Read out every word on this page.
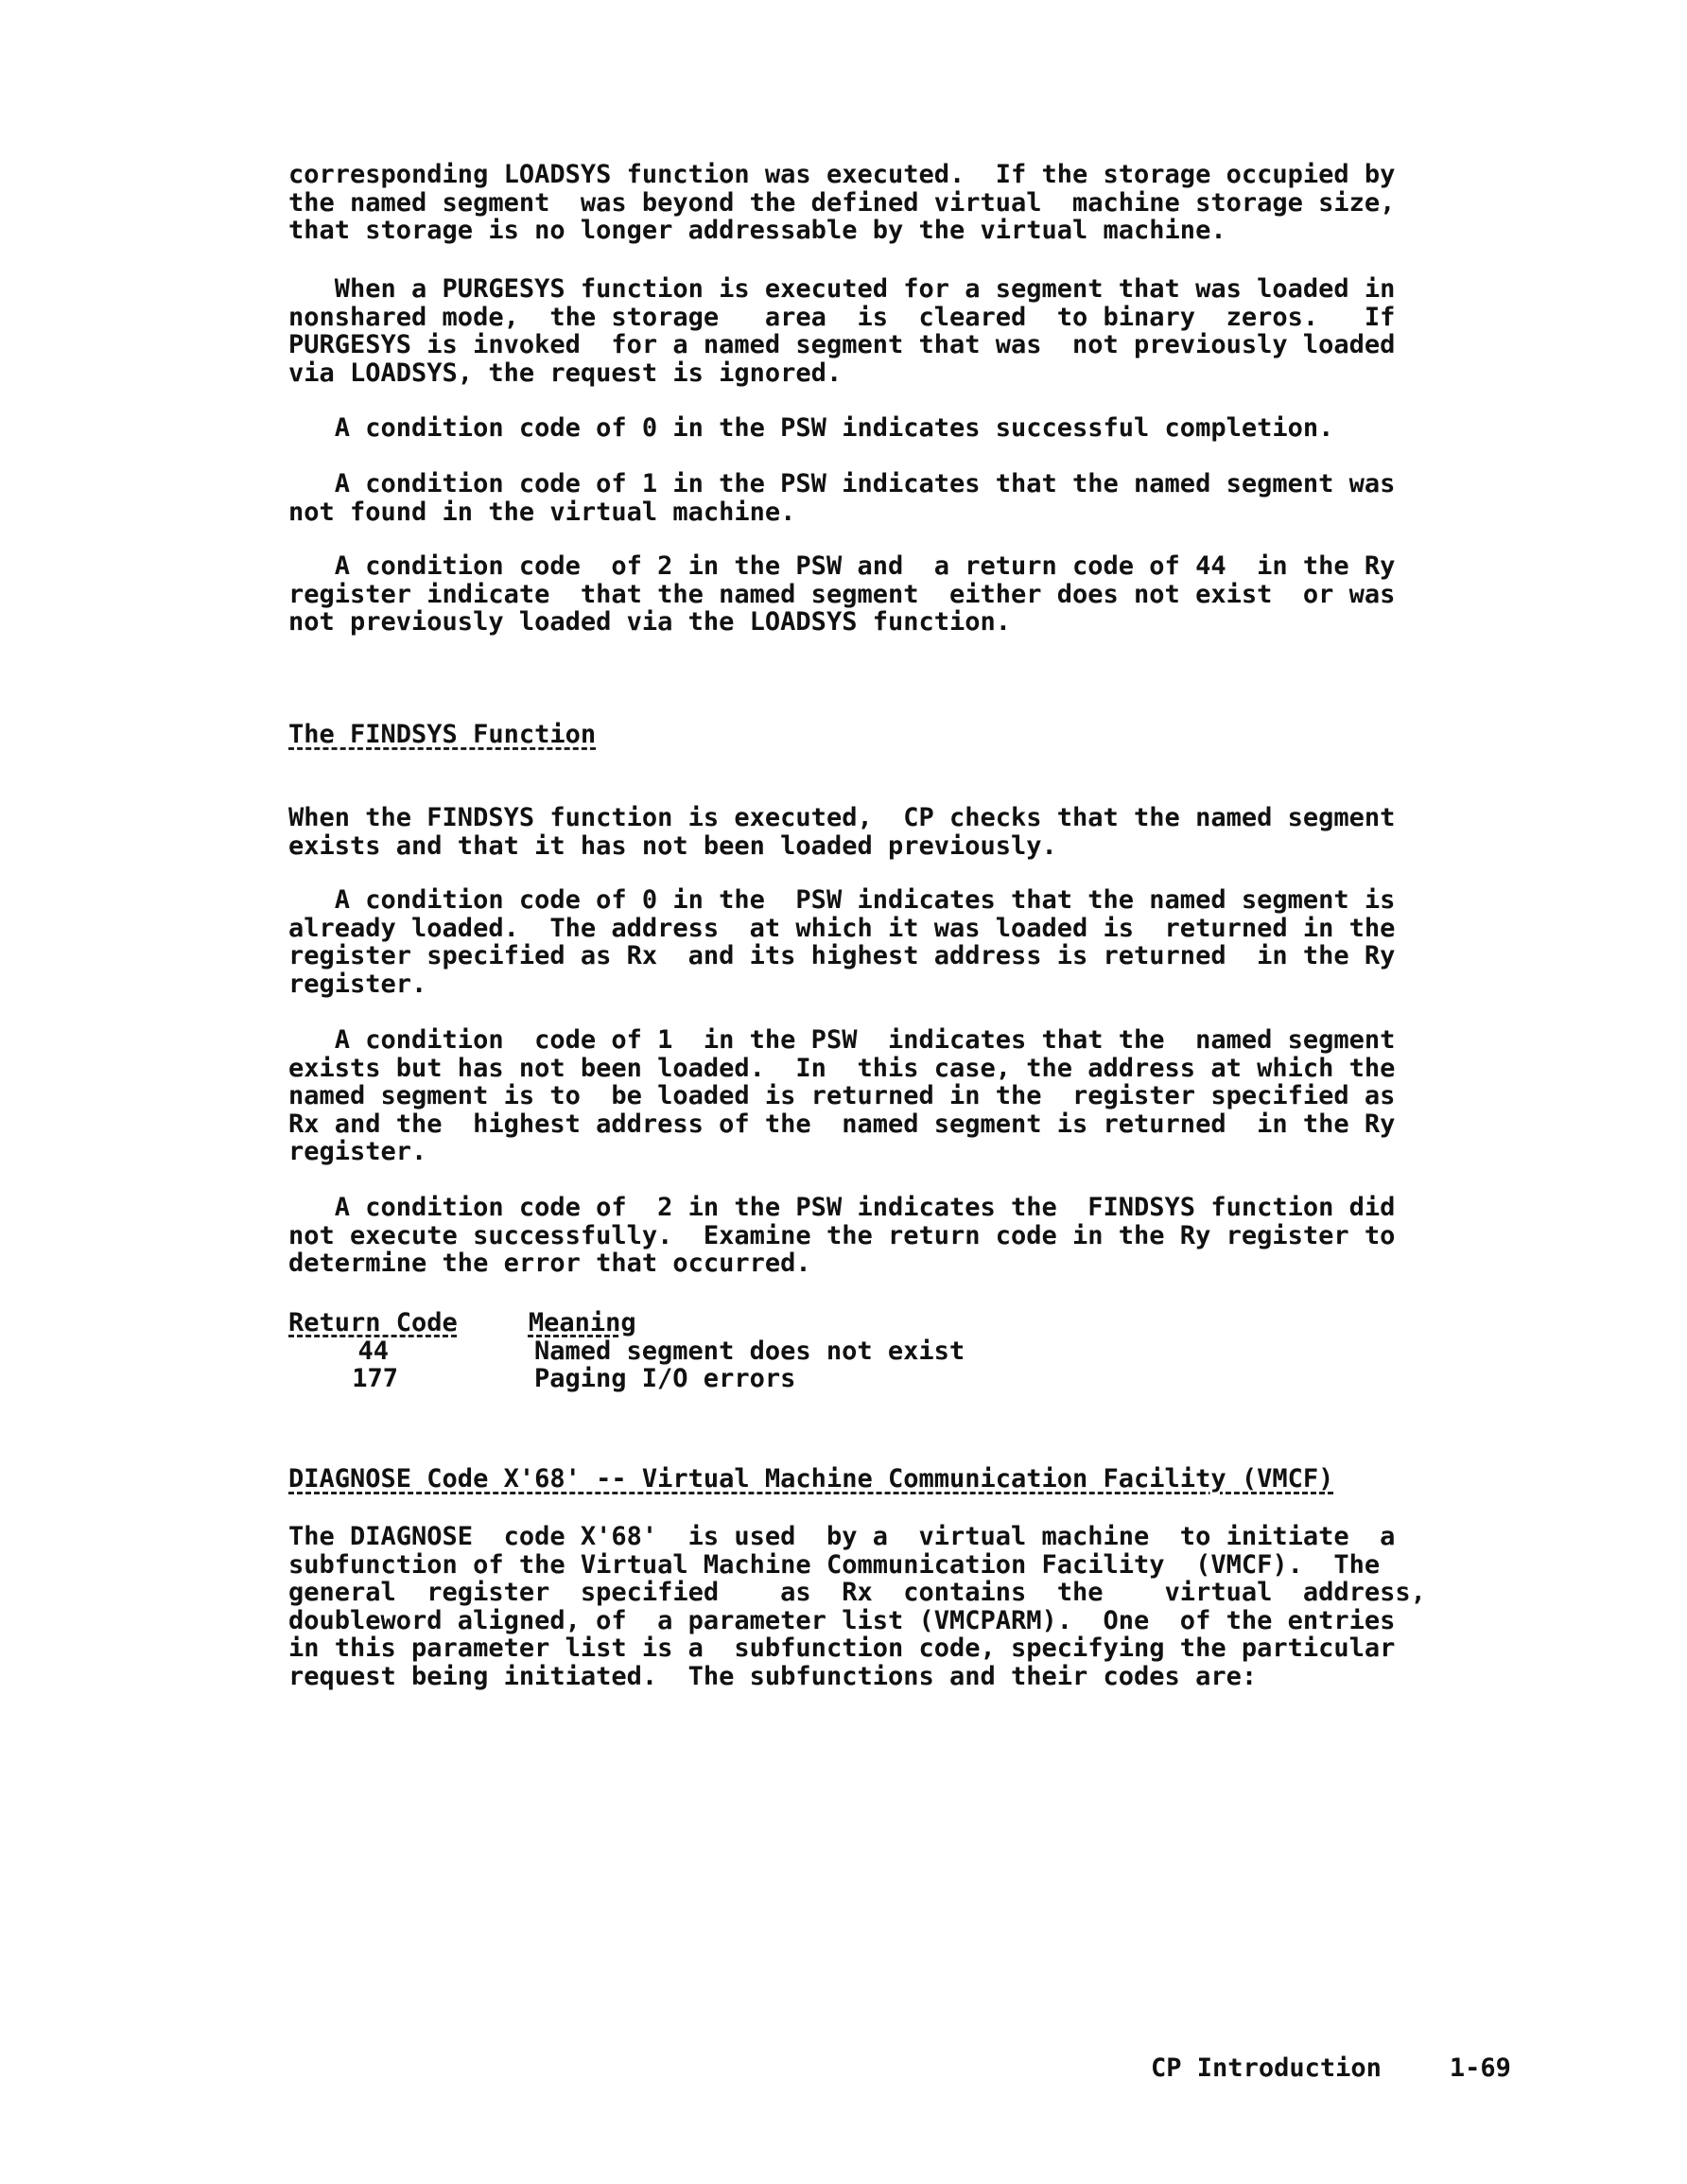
corresponding LOADSYS function was executed.  If the storage occupied by
the named segment  was beyond the defined virtual  machine storage size,
that storage is no longer addressable by the virtual machine.

When a PURGESYS function is executed for a segment that was loaded in
nonshared mode,  the storage   area  is  cleared  to binary  zeros.   If
PURGESYS is invoked  for a named segment that was  not previously loaded
via LOADSYS, the request is ignored.

A condition code of 0 in the PSW indicates successful completion.

A condition code of 1 in the PSW indicates that the named segment was
not found in the virtual machine.

A condition code  of 2 in the PSW and  a return code of 44  in the Ry
register indicate  that the named segment  either does not exist  or was
not previously loaded via the LOADSYS function.

The FINDSYS Function

When the FINDSYS function is executed,  CP checks that the named segment
exists and that it has not been loaded previously.

A condition code of 0 in the  PSW indicates that the named segment is
already loaded.  The address  at which it was loaded is  returned in the
register specified as Rx  and its highest address is returned  in the Ry
register.

A condition  code of 1  in the PSW  indicates that the  named segment
exists but has not been loaded.  In  this case, the address at which the
named segment is to  be loaded is returned in the  register specified as
Rx and the  highest address of the  named segment is returned  in the Ry
register.

A condition code of  2 in the PSW indicates the  FINDSYS function did
not execute successfully.  Examine the return code in the Ry register to
determine the error that occurred.

Return Code	Meaning
44	Named segment does not exist
177	Paging I/O errors
DIAGNOSE Code X'68' -- Virtual Machine Communication Facility (VMCF)

The DIAGNOSE  code X'68'  is used  by a  virtual machine  to initiate  a
subfunction of the Virtual Machine Communication Facility  (VMCF).  The
general  register  specified    as  Rx  contains  the    virtual  address,
doubleword aligned, of  a parameter list (VMCPARM).  One  of the entries
in this parameter list is a  subfunction code, specifying the particular
request being initiated.  The subfunctions and their codes are:

CP Introduction	1-69
